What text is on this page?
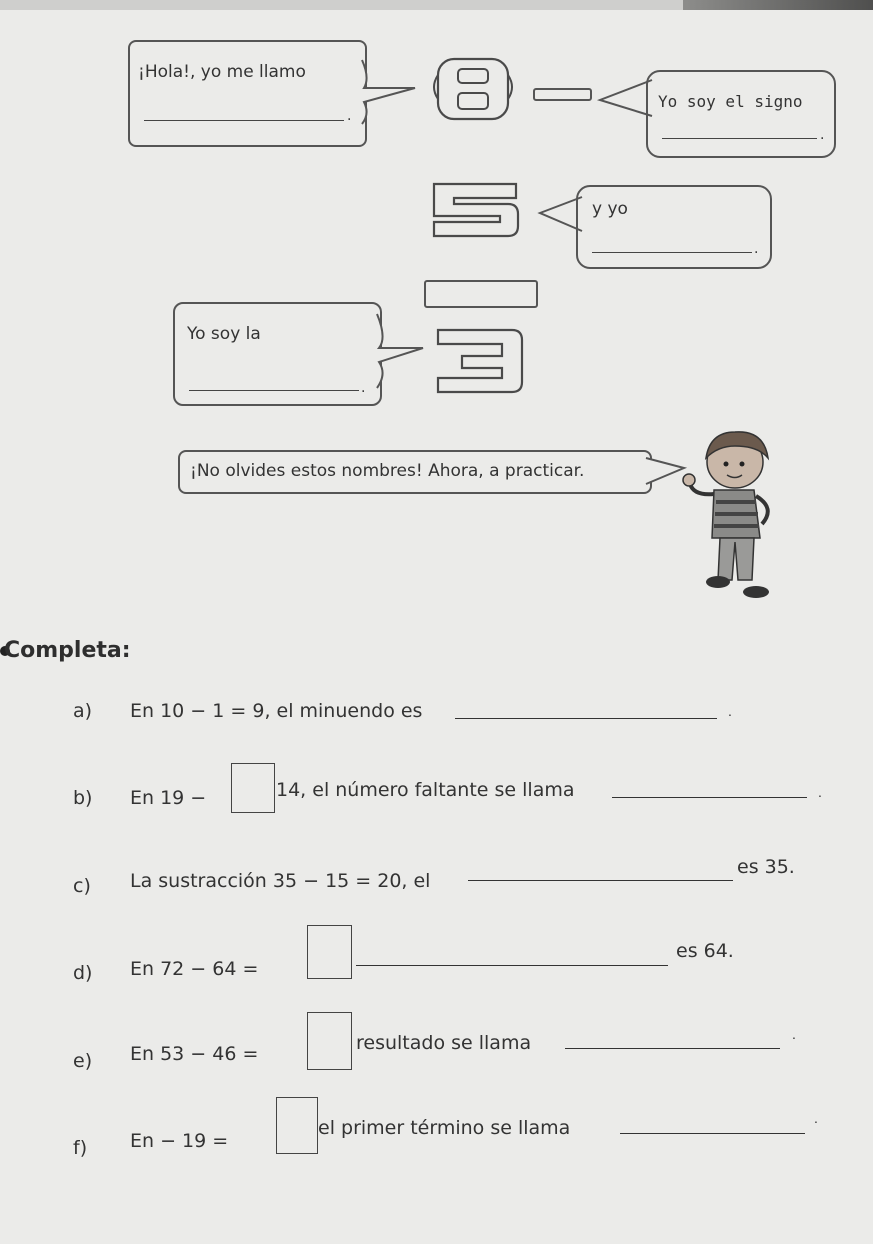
¡Hola!, yo me llamo
.
Yo soy el signo
.
y yo
.
Yo soy la
.
¡No olvides estos nombres! Ahora, a practicar.
Completa:
a) En 10 − 1 = 9, el minuendo es	.
b) En 19 −	14, el número faltante se llama	.
c) La sustracción 35 − 15 = 20, el
es 35.
d) En 72 − 64 =
es 64.
e) En 53 − 46 =	resultado se llama	.
f) En − 19 =
el primer término se llama	.
